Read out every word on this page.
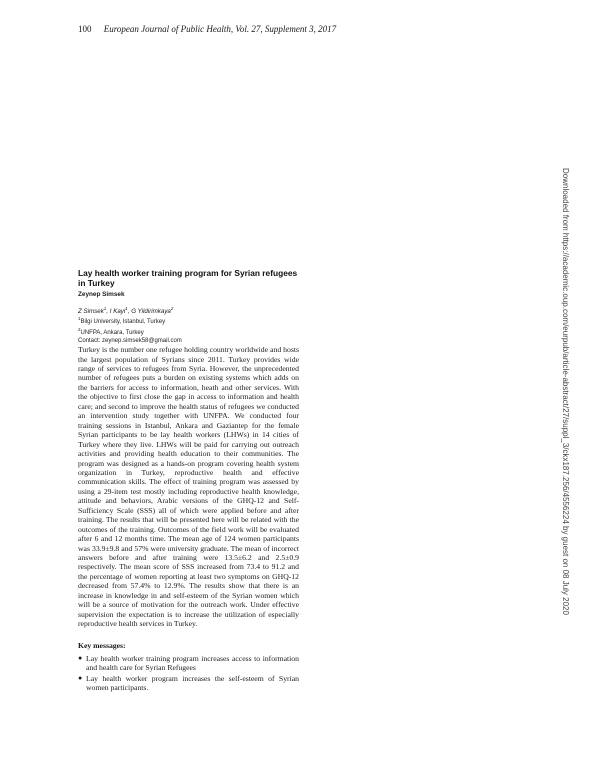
100 European Journal of Public Health, Vol. 27, Supplement 3, 2017
Downloaded from https://academic.oup.com/eurpub/article-abstract/27/suppl_3/ckx187.256/4556224 by guest on 08 July 2020
Lay health worker training program for Syrian refugees in Turkey
Zeynep Simsek
Z Simsek$^1$, I Kayi$^1$, G Yildirimkaya$^2$
$^1$Bilgi University, Istanbul, Turkey
$^2$UNFPA, Ankara, Turkey
Contact: zeynep.simsek58@gmail.com

Turkey is the number one refugee holding country worldwide and hosts the largest population of Syrians since 2011. Turkey provides wide range of services to refugees from Syria. However, the unprecedented number of refugees puts a burden on existing systems which adds on the barriers for access to information, heath and other services. With the objective to first close the gap in access to information and health care; and second to improve the health status of refugees we conducted an intervention study together with UNFPA. We conducted four training sessions in Istanbul, Ankara and Gaziantep for the female Syrian participants to be lay health workers (LHWs) in 14 cities of Turkey where they live. LHWs will be paid for carrying out outreach activities and providing health education to their communities. The program was designed as a hands-on program covering health system organization in Turkey, reproductive health and effective communication skills. The effect of training program was assessed by using a 29-item test mostly including reproductive health knowledge, attitude and behaviors, Arabic versions of the GHQ-12 and Self-Sufficiency Scale (SSS) all of which were applied before and after training. The results that will be presented here will be related with the outcomes of the training. Outcomes of the field work will be evaluated after 6 and 12 months time. The mean age of 124 women participants was 33.9±9.8 and 57% were university graduate. The mean of incorrect answers before and after training were 13.5±6.2 and 2.5±0.9 respectively. The mean score of SSS increased from 73.4 to 91.2 and the percentage of women reporting at least two symptoms on GHQ-12 decreased from 57.4% to 12.9%. The results show that there is an increase in knowledge in and self-esteem of the Syrian women which will be a source of motivation for the outreach work. Under effective supervision the expectation is to increase the utilization of especially reproductive health services in Turkey.

Key messages:
● Lay health worker training program increases access to information and health care for Syrian Refugees
● Lay health worker program increases the self-esteem of Syrian women participants.
